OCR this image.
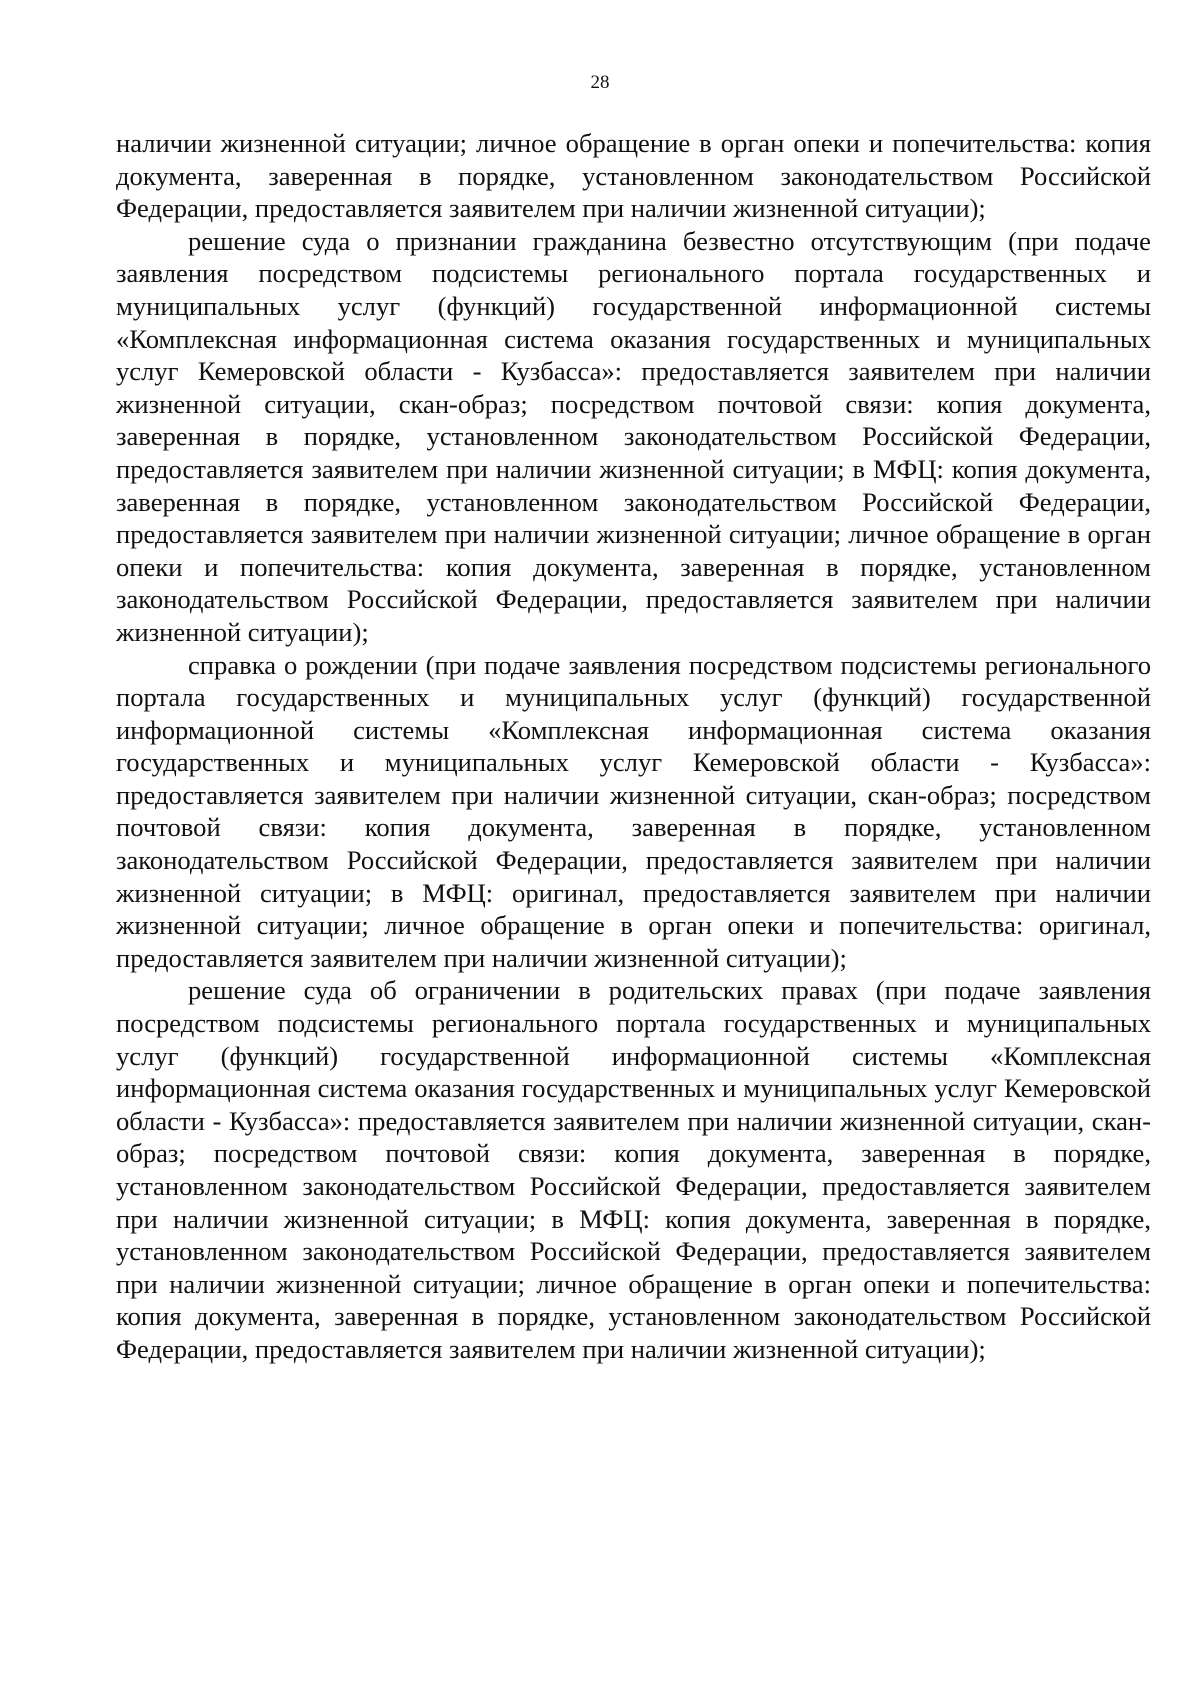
28

наличии жизненной ситуации; личное обращение в орган опеки и попечительства: копия документа, заверенная в порядке, установленном законодательством Российской Федерации, предоставляется заявителем при наличии жизненной ситуации);

решение суда о признании гражданина безвестно отсутствующим (при подаче заявления посредством подсистемы регионального портала государственных и муниципальных услуг (функций) государственной информационной системы «Комплексная информационная система оказания государственных и муниципальных услуг Кемеровской области - Кузбасса»: предоставляется заявителем при наличии жизненной ситуации, скан-образ; посредством почтовой связи: копия документа, заверенная в порядке, установленном законодательством Российской Федерации, предоставляется заявителем при наличии жизненной ситуации; в МФЦ: копия документа, заверенная в порядке, установленном законодательством Российской Федерации, предоставляется заявителем при наличии жизненной ситуации; личное обращение в орган опеки и попечительства: копия документа, заверенная в порядке, установленном законодательством Российской Федерации, предоставляется заявителем при наличии жизненной ситуации);

справка о рождении (при подаче заявления посредством подсистемы регионального портала государственных и муниципальных услуг (функций) государственной информационной системы «Комплексная информационная система оказания государственных и муниципальных услуг Кемеровской области - Кузбасса»: предоставляется заявителем при наличии жизненной ситуации, скан-образ; посредством почтовой связи: копия документа, заверенная в порядке, установленном законодательством Российской Федерации, предоставляется заявителем при наличии жизненной ситуации; в МФЦ: оригинал, предоставляется заявителем при наличии жизненной ситуации; личное обращение в орган опеки и попечительства: оригинал, предоставляется заявителем при наличии жизненной ситуации);

решение суда об ограничении в родительских правах (при подаче заявления посредством подсистемы регионального портала государственных и муниципальных услуг (функций) государственной информационной системы «Комплексная информационная система оказания государственных и муниципальных услуг Кемеровской области - Кузбасса»: предоставляется заявителем при наличии жизненной ситуации, скан-образ; посредством почтовой связи: копия документа, заверенная в порядке, установленном законодательством Российской Федерации, предоставляется заявителем при наличии жизненной ситуации; в МФЦ: копия документа, заверенная в порядке, установленном законодательством Российской Федерации, предоставляется заявителем при наличии жизненной ситуации; личное обращение в орган опеки и попечительства: копия документа, заверенная в порядке, установленном законодательством Российской Федерации, предоставляется заявителем при наличии жизненной ситуации);
